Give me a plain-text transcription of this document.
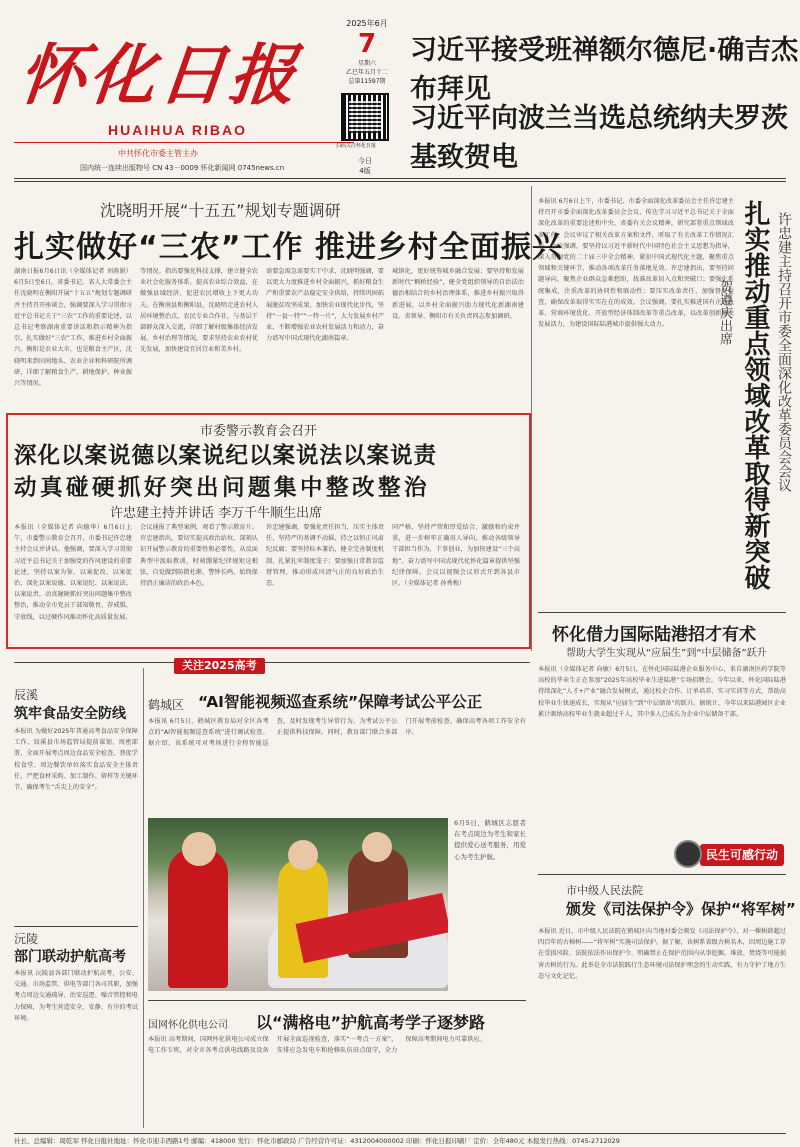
怀化日报
HUAIHUA RIBAO
中共怀化市委主管主办
国内统一连续出版物号 CN 43－0009 怀化新闻网 0745news.cn
2025年6月
7
星期六
乙巳年五月十二
总第11597期
扫码关注怀化日报
今日
4版
习近平接受班禅额尔德尼·确吉杰布拜见
习近平向波兰当选总统纳夫罗茨基致贺电
沈晓明开展“十五五”规划专题调研
扎实做好“三农”工作 推进乡村全面振兴
湖南日报6月6日讯（全媒体记者 刘燕娟）6月5日至6日，省委书记、省人大常委会主任沈晓明在衡阳开展“十五五”规划专题调研并主持召开座谈会，强调要深入学习贯彻习近平总书记关于“三农”工作的重要论述，以总书记考察湖南重要讲话和指示精神为指引，扎实做好“三农”工作，推进乡村全面振兴。衡阳是农业大市，也是粮食主产区，沈晓明来到田间地头、农业企业和科研院所调研，详细了解粮食生产、耕地保护、种业振兴等情况。
等情况。指出要强化科技支撑，建立健全农业社会化服务体系，提高农业综合效益，在做强县域经济、促进农民增收上下更大功夫。在衡南县和衡阳县，沈晓明走进农村人居环境整治点、农民专业合作社，与基层干部群众深入交流，详细了解村级集体经济发展、乡村治理等情况，要求坚持农业农村优先发展，加快建设宜居宜业和美乡村。
需要急需急需要实干中求，沈晓明强调，要以更大力度推进乡村全面振兴，抓好粮食生产和重要农产品稳定安全供给，持续巩固拓展脱贫攻坚成果，加快农业现代化步伐，坚持“一县一特”“一特一片”，大力发展乡村产业，不断增强农业农村发展活力和动力，奋力谱写中国式现代化湖南篇章。
城镇化，更好统筹城乡融合发展；要坚持和发展新时代“枫桥经验”，健全党组织领导的自治法治德治相结合的乡村治理体系，推进乡村振兴取得新进展，以乡村全面振兴助力现代化新湖南建设。省领导、衡阳市有关负责同志参加调研。
市委警示教育会召开
深化以案说德以案说纪以案说法以案说责
动真碰硬抓好突出问题集中整改整治
许忠建主持并讲话 李万千牛顺生出席
本报讯（全媒体记者 向德华）6月6日上午，市委警示教育会召开，市委书记许忠建主持会议并讲话。他强调，要深入学习贯彻习近平总书记关于加强党的作风建设的重要论述，坚持以案为鉴、以案促改、以案促治，深化以案说德、以案说纪、以案说法、以案说责，动真碰硬抓好突出问题集中整改整治，推动全市党员干部知敬畏、存戒惧、守底线，以过硬作风推动怀化高质量发展。
会议通报了典型案例，观看了警示教育片。许忠建指出，要切实提高政治站位，深刻认识开展警示教育的重要性和必要性，从反面典型中汲取教训，时刻绷紧纪律规矩这根弦，自觉做到防微杜渐、警钟长鸣，始终保持清正廉洁的政治本色。
许忠建强调，要强化责任担当，压实主体责任，坚持严的基调不动摇，持之以恒正风肃纪反腐；要坚持标本兼治，健全完善制度机制，扎紧扎牢制度笼子；要加强日常教育监督管理，推动形成风清气正的良好政治生态。
同严格，坚持严管和厚爱结合、激励和约束并重，进一步树牢正确用人导向，推动各级领导干部担当作为、干事创业，为加快建设“三个高地”、奋力谱写中国式现代化怀化篇章提供坚强纪律保障。会议以视频会议形式开到各县市区。（全媒体记者 孙秀梅）
本报讯 6月6日上午，市委书记、市委全面深化改革委员会主任许忠建主持召开市委全面深化改革委员会会议，传达学习习近平总书记关于全面深化改革的重要论述和中央、省委有关会议精神，研究部署重点领域改革工作。会议审议了相关改革方案和文件，听取了有关改革工作情况汇报。会议强调，要坚持以习近平新时代中国特色社会主义思想为指导，深入贯彻党的二十届三中全会精神，紧扣中国式现代化主题，聚焦重点领域和关键环节，推动各项改革任务落地见效。许忠建指出，要坚持问题导向，聚焦企业群众急难愁盼，找准改革切入点和突破口；要强化系统集成，注重改革的协同性和联动性；要压实改革责任，加强督促检查，确保改革取得实实在在的成效。会议强调，要扎实推进国有企业改革、营商环境优化、开放型经济体制改革等重点改革，以改革创新激发发展活力，为建设国际陆港城市提供强大动力。	扎实推动重点领域改革取得新突破 许忠建主持召开市委全面深化改革委员会会议
贺遵庆出席
怀化借力国际陆港招才有术
帮助大学生实现从“应届生”到“中层储备”跃升
本报讯（全媒体记者 向敏）6月5日，在怀化国际陆港企业服务中心，来自湖南医药学院等高校的毕业生正在参加“2025年高校毕业生进陆港”专场招聘会。今年以来，怀化国际陆港持续深化“人才+产业”融合发展模式，通过校企合作、订单培养、实习实训等方式，帮助高校毕业生快速成长，实现从“应届生”到“中层储备”的跃升。据统计，今年以来陆港园区企业累计吸纳高校毕业生就业超过千人，其中多人已成长为企业中层储备干部。
民生可感行动
市中级人民法院
颁发《司法保护令》保护“将军树”
本报讯 近日，市中级人民法院在鹤城区向当地村委会颁发《司法保护令》，对一棵树龄超过四百年的古樟树——“将军树”实施司法保护。据了解，该树系省级古树名木，因周边施工存在受损风险，法院依法作出保护令，明确禁止在保护范围内从事挖掘、堆放、焚烧等可能损害古树的行为。此举是全市法院践行生态环境司法保护理念的生动实践，有力守护了地方生态与文化记忆。
关注2025高考
辰溪
筑牢食品安全防线
本报讯 为做好2025年普通高考食品安全保障工作，辰溪县市场监管局提前谋划、周密部署，全面开展考点周边食品安全检查，督促学校食堂、周边餐饮单位落实食品安全主体责任，严把食材采购、加工制作、留样等关键环节，确保考生“舌尖上的安全”。
沅陵
部门联动护航高考
本报讯 沅陵县各部门联动护航高考，公安、交通、市场监管、供电等部门各司其职，加强考点周边交通疏导、治安巡逻、噪音管控和电力保障，为考生营造安全、安静、有序的考试环境。
鹤城区 “AI智能视频巡查系统”保障考试公平公正
本报讯 6月5日，鹤城区教育局对全区各考点的“AI智能视频巡查系统”进行调试检查。据介绍，该系统可对考场进行全程智能巡查，及时发现考生异常行为，为考试公平公正提供科技保障。同时，教育部门联合多部门开展考前检查，确保高考各项工作安全有序。
6月5日，鹤城区志愿者在考点周边为考生和家长提供爱心送考服务，用爱心为考生护航。
国网怀化供电公司 以“满格电”护航高考学子逐梦路
本报讯 高考期间，国网怀化供电公司成立保电工作专班，对全市各考点供电线路及设备开展全面巡视检查，落实“一考点一方案”，安排应急发电车和抢修队伍驻点值守，全力保障高考期间电力可靠供应。
社长、总编辑：周乾军 怀化日报社地址：怀化市迎丰西路1号 邮编：418000 发行：怀化市邮政局 广告经营许可证：4312004000002 印刷：怀化日报印刷厂 定价：全年480元 本报发行热线：0745-2712029
